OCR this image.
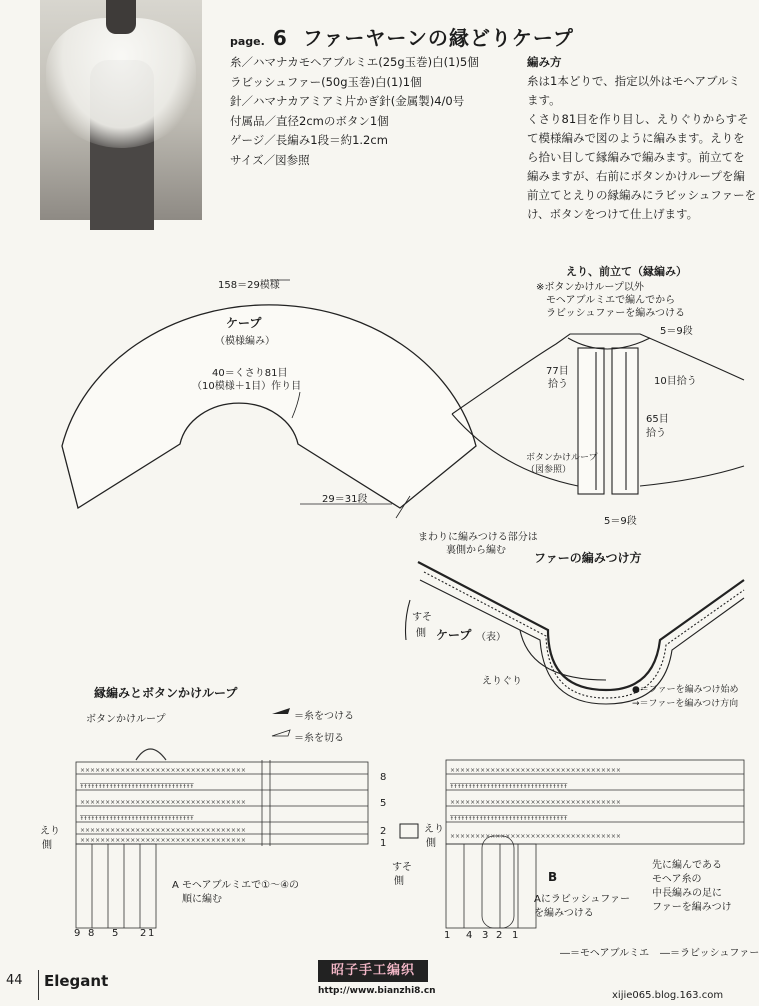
page. 6 ファーヤーンの縁どりケープ
糸／ハマナカモヘアブルミエ(25g玉巻)白(1)5個
ラビッシュファー(50g玉巻)白(1)1個
針／ハマナカアミアミ片かぎ針(金属製)4/0号
付属品／直径2cmのボタン1個
ゲージ／長編み1段＝約1.2cm
サイズ／図参照

編み方

糸は1本どりで、指定以外はモヘアブルミ

ます。

くさり81目を作り目し、えりぐりからすそ

て模様編みで図のように編みます。えりを

ら拾い目して縁編みで編みます。前立てを

編みますが、右前にボタンかけループを編

前立てとえりの縁編みにラビッシュファーを

け、ボタンをつけて仕上げます。

×××××××××××××××××××××××××××××××××
ŦŦŦŦŦŦŦŦŦŦŦŦŦŦŦŦŦŦŦŦŦŦŦŦŦŦŦŦŦŦŦ
×××××××××××××××××××××××××××××××××
ŦŦŦŦŦŦŦŦŦŦŦŦŦŦŦŦŦŦŦŦŦŦŦŦŦŦŦŦŦŦŦ
×××××××××××××××××××××××××××××××××
×××××××××××××××××××××××××××××××××
××××××××××××××××××××××××××××××××××
ŦŦŦŦŦŦŦŦŦŦŦŦŦŦŦŦŦŦŦŦŦŦŦŦŦŦŦŦŦŦŦŦ
××××××××××××××××××××××××××××××××××
ŦŦŦŦŦŦŦŦŦŦŦŦŦŦŦŦŦŦŦŦŦŦŦŦŦŦŦŦŦŦŦŦ
××××××××××××××××××××××××××××××××××
158＝29模様
ケープ
（模様編み）
40＝くさり81目
（10模様＋1目）作り目
29＝31段
えり、前立て（縁編み）
※ボタンかけループ以外
モヘアブルミエで編んでから
ラビッシュファーを編みつける
5＝9段
77目
拾う	10目拾う
65目
拾う
ボタンかけループ
（図参照）
5＝9段
まわりに編みつける部分は
裏側から編む
ファーの編みつけ方
すそ
側 ケープ （表）
えりぐり
●＝ファーを編みつけ始め
→＝ファーを編みつけ方向
縁編みとボタンかけループ
ボタンかけループ	＝糸をつける
＝糸を切る
えり
側
すそ
側
A モヘアブルミエで①〜④の
順に編む
えり
側
B
Aにラビッシュファー
を編みつける
先に編んである
モヘア糸の
中長編みの足に
ファーを編みつけ
―＝モヘアブルミエ ―＝ラビッシュファー
9 8 5 2 1
8
5
2
1
1 4 3 2 1
44 Elegant
昭子手工编织
http://www.bianzhi8.cn	xijie065.blog.163.com
